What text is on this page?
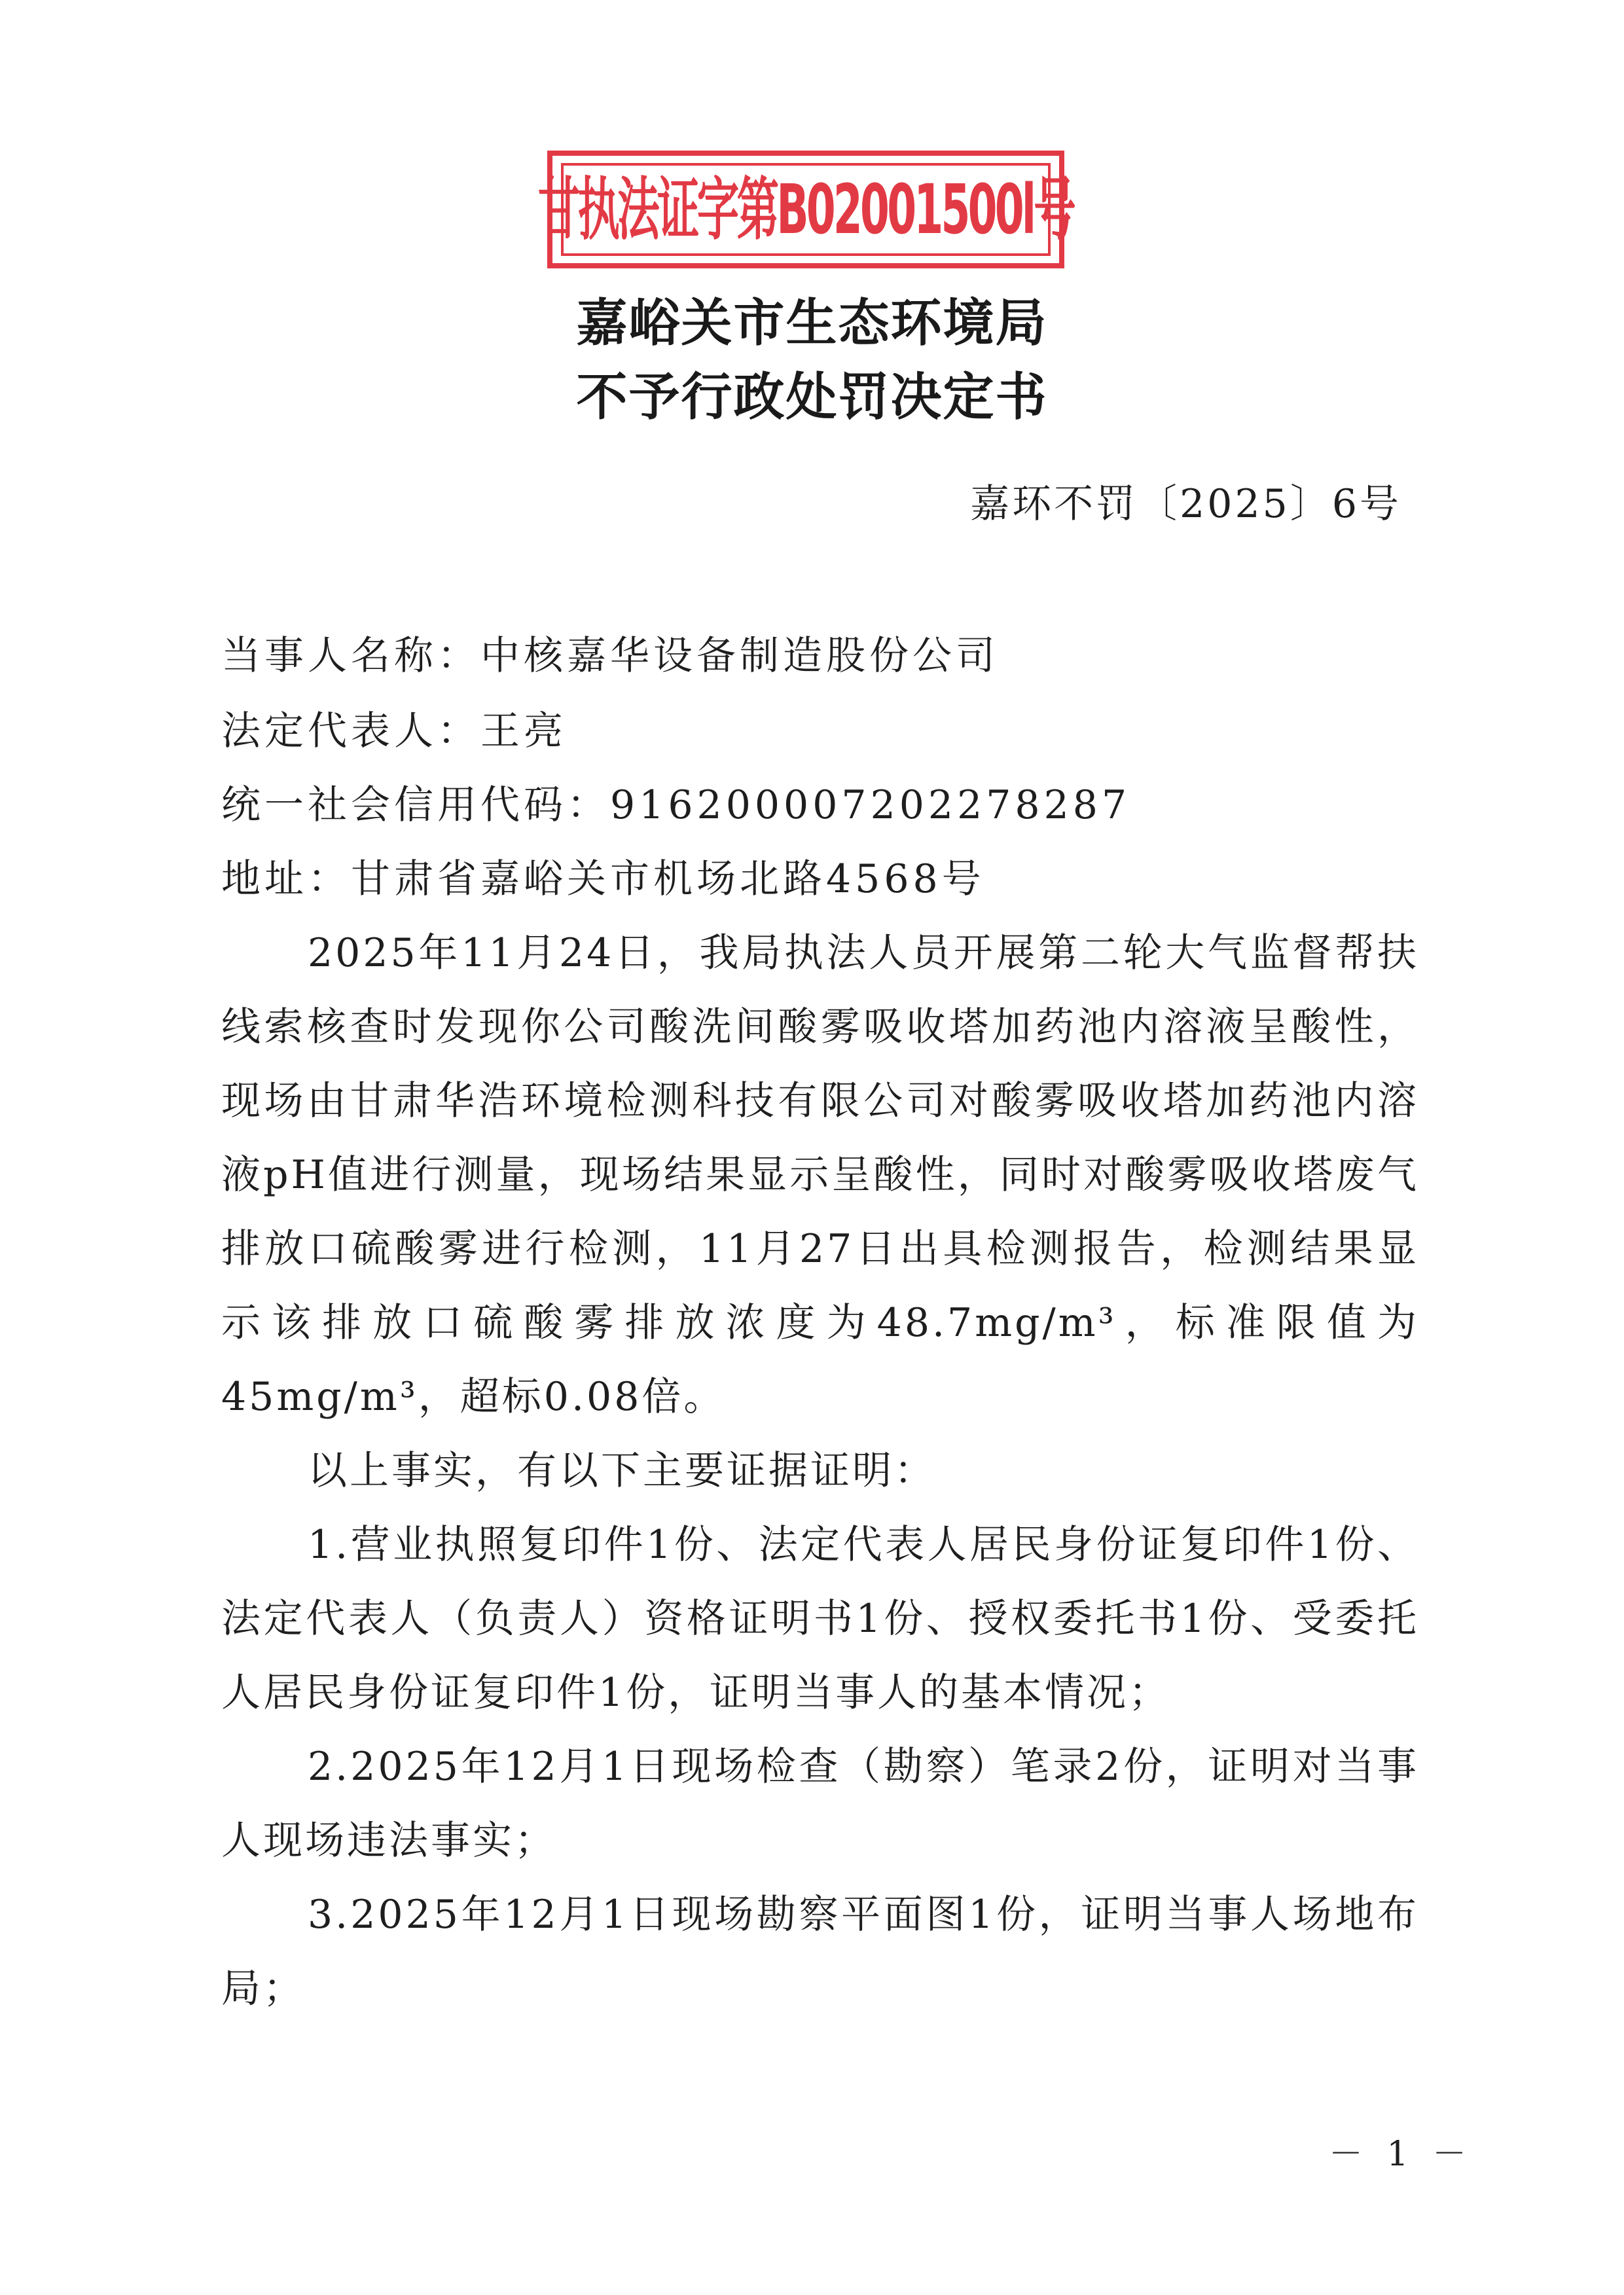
甘执法证字第B02001500l号
嘉峪关市生态环境局
不予行政处罚决定书
嘉环不罚〔2025〕6号
当事人名称：中核嘉华设备制造股份公司
法定代表人：王亮
统一社会信用代码：916200007202278287
地址：甘肃省嘉峪关市机场北路4568号

2025年11月24日，我局执法人员开展第二轮大气监督帮扶线索核查时发现你公司酸洗间酸雾吸收塔加药池内溶液呈酸性，现场由甘肃华浩环境检测科技有限公司对酸雾吸收塔加药池内溶液pH值进行测量，现场结果显示呈酸性，同时对酸雾吸收塔废气排放口硫酸雾进行检测，11月27日出具检测报告，检测结果显示该排放口硫酸雾排放浓度为48.7mg/m³，标准限值为45mg/m³，超标0.08倍。

以上事实，有以下主要证据证明：

1.营业执照复印件1份、法定代表人居民身份证复印件1份、法定代表人（负责人）资格证明书1份、授权委托书1份、受委托人居民身份证复印件1份，证明当事人的基本情况；

2.2025年12月1日现场检查（勘察）笔录2份，证明对当事人现场违法事实；

3.2025年12月1日现场勘察平面图1份，证明当事人场地布局；

－ 1 －
